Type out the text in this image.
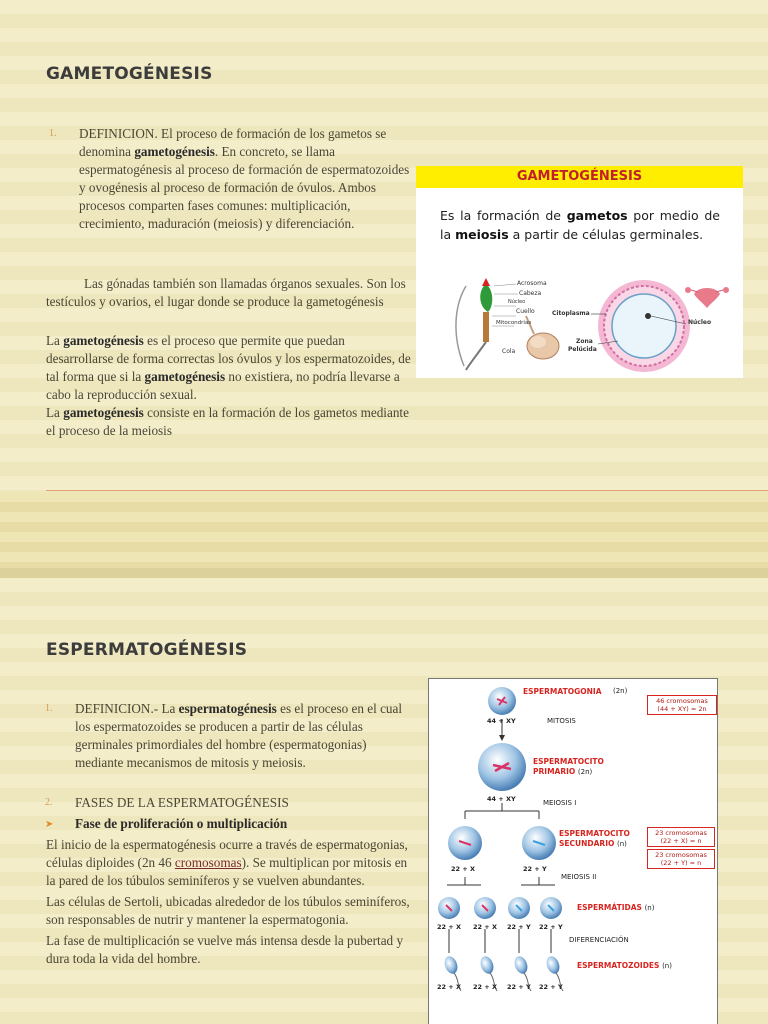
GAMETOGÉNESIS
1. DEFINICION. El proceso de formación de los gametos se denomina gametogénesis. En concreto, se llama espermatogénesis al proceso de formación de espermatozoides y ovogénesis al proceso de formación de óvulos. Ambos procesos comparten fases comunes: multiplicación, crecimiento, maduración (meiosis) y diferenciación.

Las gónadas también son llamadas órganos sexuales. Son los testículos y ovarios, el lugar donde se produce la gametogénesis

La gametogénesis es el proceso que permite que puedan desarrollarse de forma correctas los óvulos y los espermatozoides, de tal forma que si la gametogénesis no existiera, no podría llevarse a cabo la reproducción sexual.

La gametogénesis consiste en la formación de los gametos mediante el proceso de la meiosis

GAMETOGÉNESIS
Es la formación de gametos por medio de la meiosis a partir de células germinales.
Acrosoma
Cabeza
Núcleo
Cuello
Mitocondrias
Cola
Citoplasma
Núcleo
Zona
Pelúcida
ESPERMATOGÉNESIS
1. DEFINICION.- La espermatogénesis es el proceso en el cual los espermatozoides se producen a partir de las células germinales primordiales del hombre (espermatogonias) mediante mecanismos de mitosis y meiosis.

2. FASES DE LA ESPERMATOGÉNESIS

➤ Fase de proliferación o multiplicación

El inicio de la espermatogénesis ocurre a través de espermatogonias, células diploides (2n 46 cromosomas). Se multiplican por mitosis en la pared de los túbulos seminíferos y se vuelven abundantes.

Las células de Sertoli, ubicadas alrededor de los túbulos seminíferos, son responsables de nutrir y mantener la espermatogonia.

La fase de multiplicación se vuelve más intensa desde la pubertad y dura toda la vida del hombre.

ESPERMATOGONIA (2n)
46 cromosomas
(44 + XY) = 2n
44 + XY	MITOSIS
ESPERMATOCITO
PRIMARIO (2n)
44 + XY	MEIOSIS I
ESPERMATOCITO
SECUNDARIO (n)
23 cromosomas
(22 + X) = n
23 cromosomas
(22 + Y) = n
22 + X	22 + Y
MEIOSIS II
ESPERMÁTIDAS (n)
22 + X 22 + X 22 + Y 22 + Y
DIFERENCIACIÓN
ESPERMATOZOIDES (n)
22 + X 22 + X 22 + Y 22 + Y
